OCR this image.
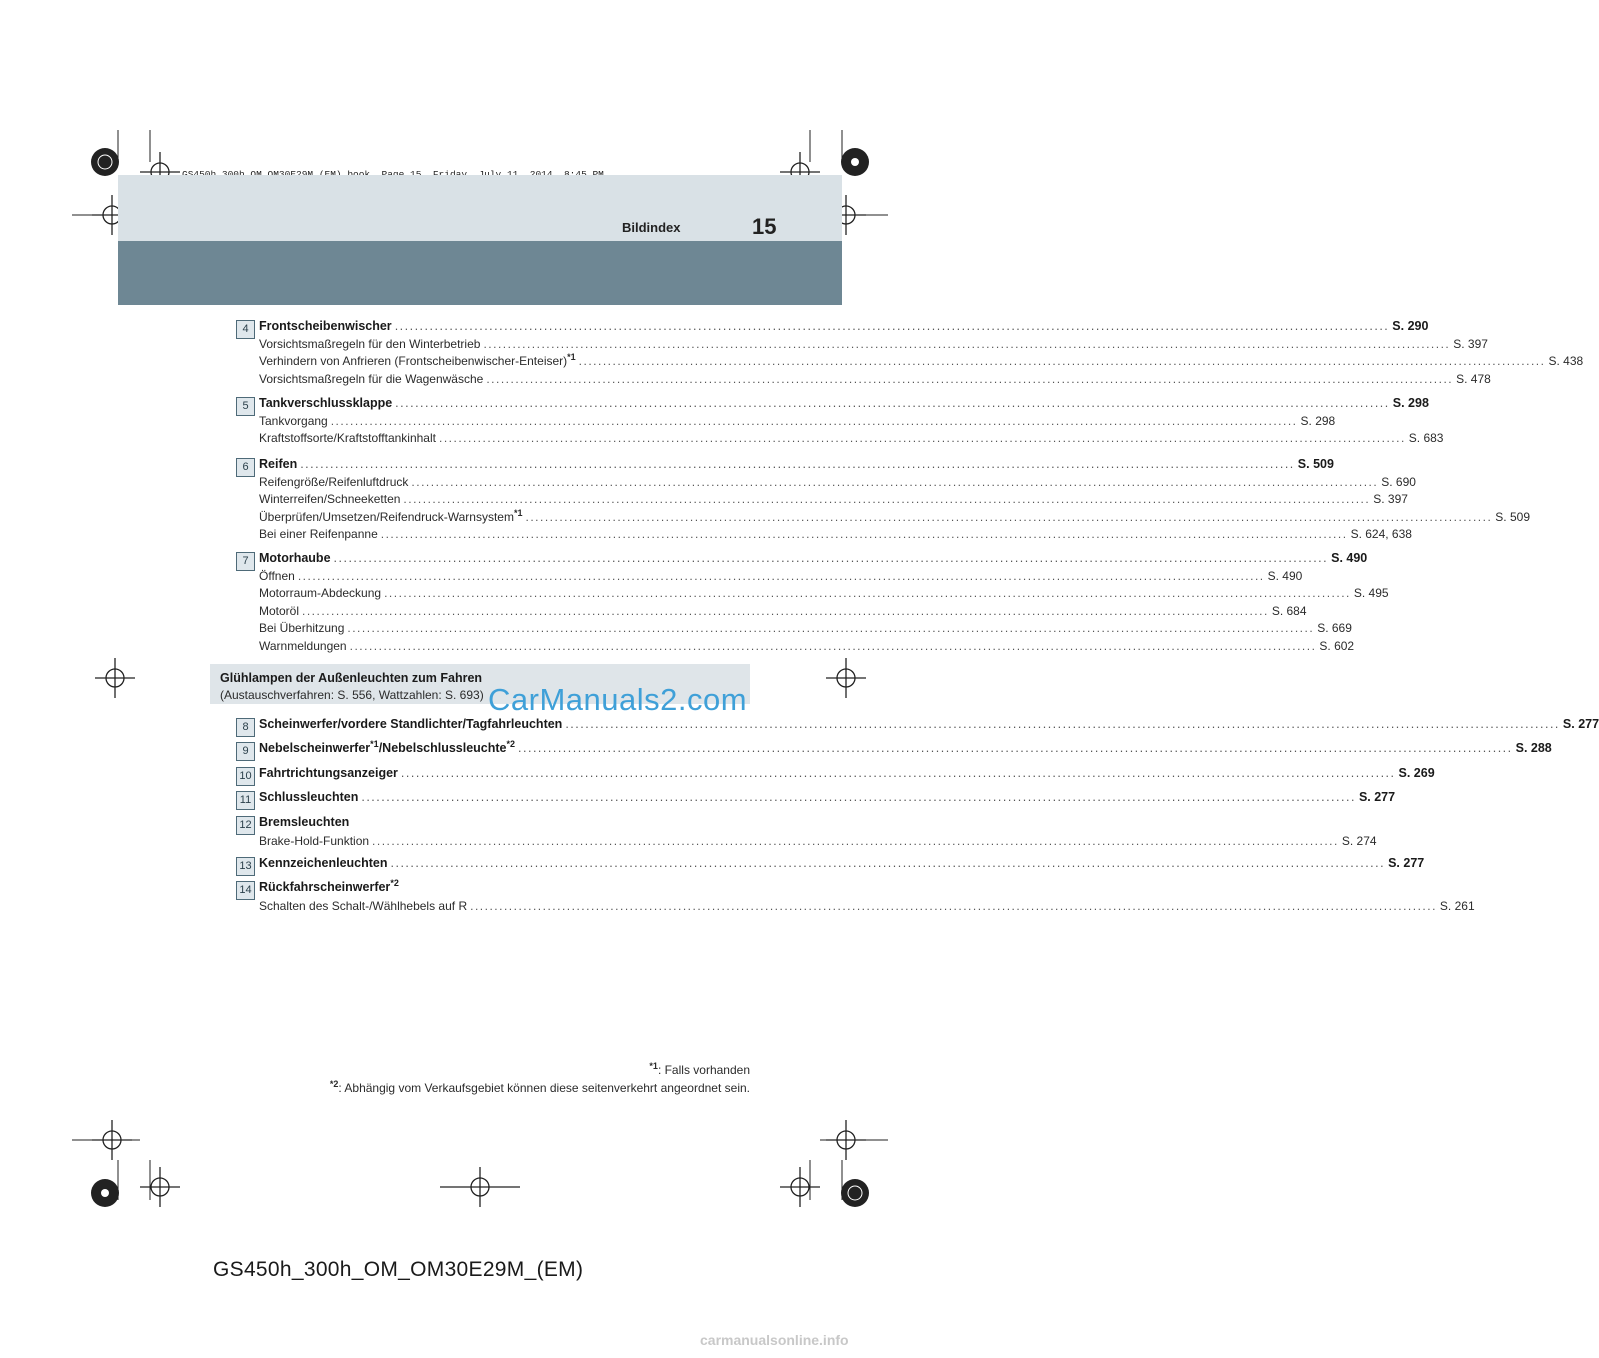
Bildindex	15
4 Frontscheibenwischer ........................................................................................................................................................................................................ S. 290
Vorsichtsmaßregeln für den Winterbetrieb ........................................................................................................................................................................................................ S. 397
Verhindern von Anfrieren (Frontscheibenwischer-Enteiser)$^{*1}$ ........................................................................................................................................................................................................ S. 438
Vorsichtsmaßregeln für die Wagenwäsche ........................................................................................................................................................................................................ S. 478
5 Tankverschlussklappe ........................................................................................................................................................................................................ S. 298
Tankvorgang ........................................................................................................................................................................................................ S. 298
Kraftstoffsorte/Kraftstofftankinhalt ........................................................................................................................................................................................................ S. 683
6 Reifen ........................................................................................................................................................................................................ S. 509
Reifengröße/Reifenluftdruck ........................................................................................................................................................................................................ S. 690
Winterreifen/Schneeketten ........................................................................................................................................................................................................ S. 397
Überprüfen/Umsetzen/Reifendruck-Warnsystem$^{*1}$ ........................................................................................................................................................................................................ S. 509
Bei einer Reifenpanne ........................................................................................................................................................................................................ S. 624, 638
7 Motorhaube ........................................................................................................................................................................................................ S. 490
Öffnen ........................................................................................................................................................................................................ S. 490
Motorraum-Abdeckung ........................................................................................................................................................................................................ S. 495
Motoröl ........................................................................................................................................................................................................ S. 684
Bei Überhitzung ........................................................................................................................................................................................................ S. 669
Warnmeldungen ........................................................................................................................................................................................................ S. 602
Glühlampen der Außenleuchten zum Fahren
(Austauschverfahren: S. 556, Wattzahlen: S. 693) CarManuals2.com
8 Scheinwerfer/vordere Standlichter/Tagfahrleuchten ........................................................................................................................................................................................................ S. 277
9 Nebelscheinwerfer$^{*1}$/Nebelschlussleuchte$^{*2}$ ........................................................................................................................................................................................................ S. 288
10 Fahrtrichtungsanzeiger ........................................................................................................................................................................................................ S. 269
11 Schlussleuchten ........................................................................................................................................................................................................ S. 277
12 Bremsleuchten
Brake-Hold-Funktion ........................................................................................................................................................................................................ S. 274
13 Kennzeichenleuchten ........................................................................................................................................................................................................ S. 277
14 Rückfahrscheinwerfer$^{*2}$
Schalten des Schalt-/Wählhebels auf R ........................................................................................................................................................................................................ S. 261
$^{*1}$: Falls vorhanden
$^{*2}$: Abhängig vom Verkaufsgebiet können diese seitenverkehrt angeordnet sein.
GS450h_300h_OM_OM30E29M_(EM)
carmanualsonline.info
